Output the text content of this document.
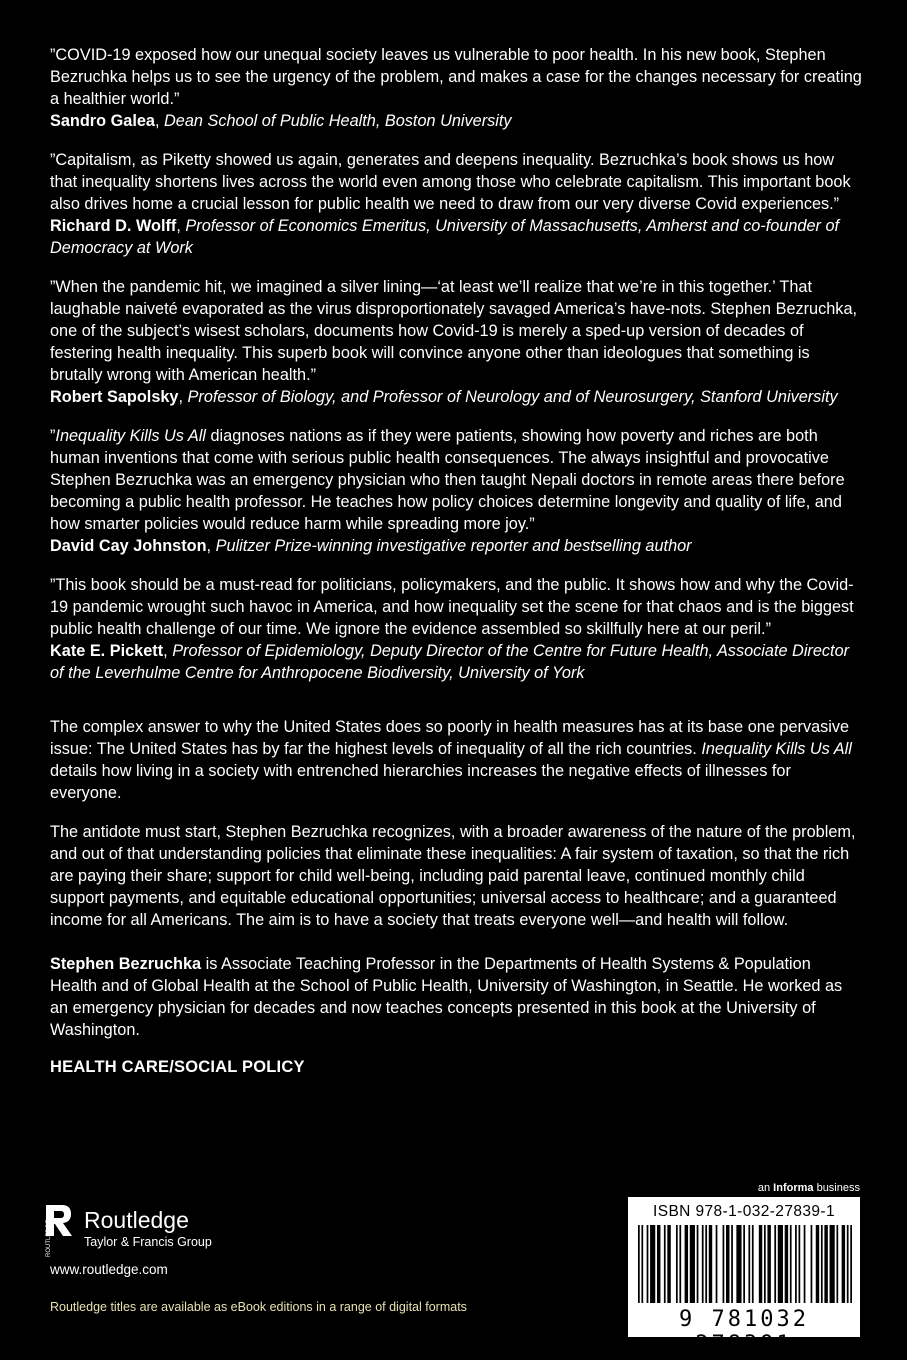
”COVID-19 exposed how our unequal society leaves us vulnerable to poor health. In his new book, Stephen Bezruchka helps us to see the urgency of the problem, and makes a case for the changes necessary for creating a healthier world.”

Sandro Galea, Dean School of Public Health, Boston University

”Capitalism, as Piketty showed us again, generates and deepens inequality. Bezruchka’s book shows us how that inequality shortens lives across the world even among those who celebrate capitalism. This important book also drives home a crucial lesson for public health we need to draw from our very diverse Covid experiences.”

Richard D. Wolff, Professor of Economics Emeritus, University of Massachusetts, Amherst and co-founder of Democracy at Work

”When the pandemic hit, we imagined a silver lining—‘at least we’ll realize that we’re in this together.’ That laughable naiveté evaporated as the virus disproportionately savaged America’s have-nots. Stephen Bezruchka, one of the subject’s wisest scholars, documents how Covid-19 is merely a sped-up version of decades of festering health inequality. This superb book will convince anyone other than ideologues that something is brutally wrong with American health.”

Robert Sapolsky, Professor of Biology, and Professor of Neurology and of Neurosurgery, Stanford University

”Inequality Kills Us All diagnoses nations as if they were patients, showing how poverty and riches are both human inventions that come with serious public health consequences. The always insightful and provocative Stephen Bezruchka was an emergency physician who then taught Nepali doctors in remote areas there before becoming a public health professor. He teaches how policy choices determine longevity and quality of life, and how smarter policies would reduce harm while spreading more joy.”

David Cay Johnston, Pulitzer Prize-winning investigative reporter and bestselling author

”This book should be a must-read for politicians, policymakers, and the public. It shows how and why the Covid-19 pandemic wrought such havoc in America, and how inequality set the scene for that chaos and is the biggest public health challenge of our time. We ignore the evidence assembled so skillfully here at our peril.”

Kate E. Pickett, Professor of Epidemiology, Deputy Director of the Centre for Future Health, Associate Director of the Leverhulme Centre for Anthropocene Biodiversity, University of York

The complex answer to why the United States does so poorly in health measures has at its base one pervasive issue: The United States has by far the highest levels of inequality of all the rich countries. Inequality Kills Us All details how living in a society with entrenched hierarchies increases the negative effects of illnesses for everyone.

The antidote must start, Stephen Bezruchka recognizes, with a broader awareness of the nature of the problem, and out of that understanding policies that eliminate these inequalities: A fair system of taxation, so that the rich are paying their share; support for child well-being, including paid parental leave, continued monthly child support payments, and equitable educational opportunities; universal access to healthcare; and a guaranteed income for all Americans. The aim is to have a society that treats everyone well—and health will follow.

Stephen Bezruchka is Associate Teaching Professor in the Departments of Health Systems & Population Health and of Global Health at the School of Public Health, University of Washington, in Seattle. He worked as an emergency physician for decades and now teaches concepts presented in this book at the University of Washington.

HEALTH CARE/SOCIAL POLICY
ROUTLEDGE Routledge
Taylor & Francis Group
www.routledge.com
Routledge titles are available as eBook editions in a range of digital formats
an Informa business
ISBN 978-1-032-27839-1
9 781032 278391
